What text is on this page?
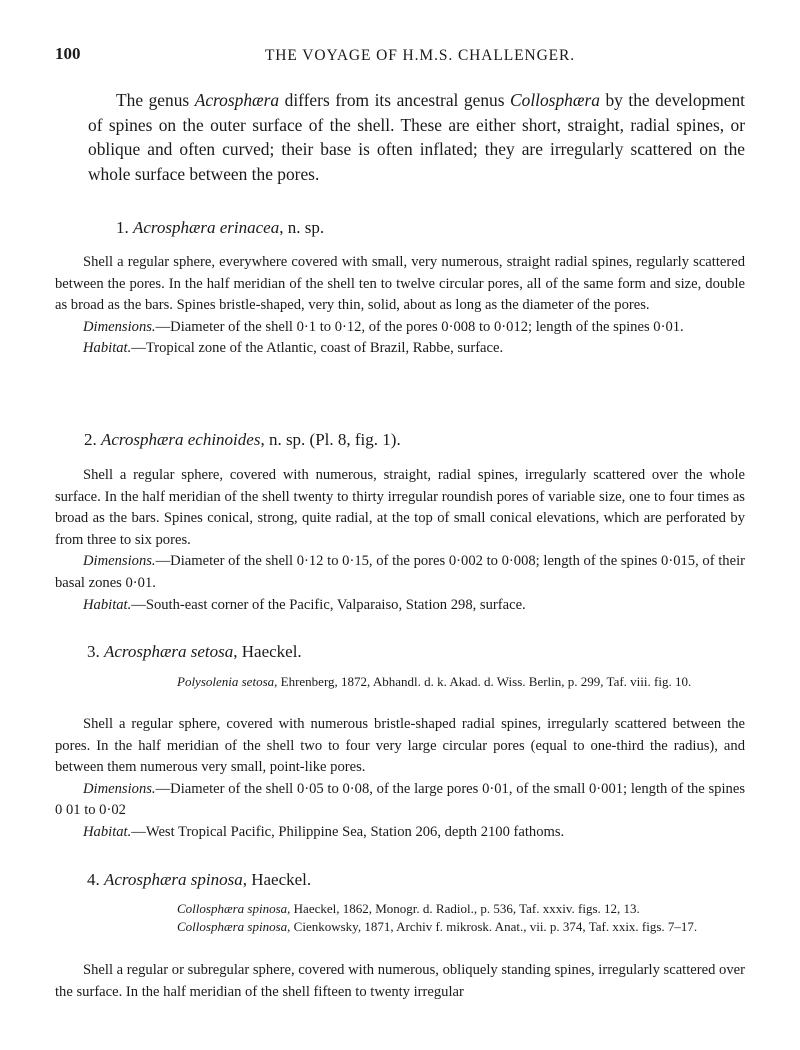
100	THE VOYAGE OF H.M.S. CHALLENGER.

The genus Acrosphæra differs from its ancestral genus Collosphæra by the development of spines on the outer surface of the shell. These are either short, straight, radial spines, or oblique and often curved; their base is often inflated; they are irregularly scattered on the whole surface between the pores.

1. Acrosphæra erinacea, n. sp.

Shell a regular sphere, everywhere covered with small, very numerous, straight radial spines, regularly scattered between the pores. In the half meridian of the shell ten to twelve circular pores, all of the same form and size, double as broad as the bars. Spines bristle-shaped, very thin, solid, about as long as the diameter of the pores.

Dimensions.—Diameter of the shell 0·1 to 0·12, of the pores 0·008 to 0·012; length of the spines 0·01.

Habitat.—Tropical zone of the Atlantic, coast of Brazil, Rabbe, surface.

2. Acrosphæra echinoides, n. sp. (Pl. 8, fig. 1).

Shell a regular sphere, covered with numerous, straight, radial spines, irregularly scattered over the whole surface. In the half meridian of the shell twenty to thirty irregular roundish pores of variable size, one to four times as broad as the bars. Spines conical, strong, quite radial, at the top of small conical elevations, which are perforated by from three to six pores.

Dimensions.—Diameter of the shell 0·12 to 0·15, of the pores 0·002 to 0·008; length of the spines 0·015, of their basal zones 0·01.

Habitat.—South-east corner of the Pacific, Valparaiso, Station 298, surface.

3. Acrosphæra setosa, Haeckel.

Polysolenia setosa, Ehrenberg, 1872, Abhandl. d. k. Akad. d. Wiss. Berlin, p. 299, Taf. viii. fig. 10.

Shell a regular sphere, covered with numerous bristle-shaped radial spines, irregularly scattered between the pores. In the half meridian of the shell two to four very large circular pores (equal to one-third the radius), and between them numerous very small, point-like pores.

Dimensions.—Diameter of the shell 0·05 to 0·08, of the large pores 0·01, of the small 0·001; length of the spines 0 01 to 0·02

Habitat.—West Tropical Pacific, Philippine Sea, Station 206, depth 2100 fathoms.

4. Acrosphæra spinosa, Haeckel.

Collosphæra spinosa, Haeckel, 1862, Monogr. d. Radiol., p. 536, Taf. xxxiv. figs. 12, 13.

Collosphæra spinosa, Cienkowsky, 1871, Archiv f. mikrosk. Anat., vii. p. 374, Taf. xxix. figs. 7–17.

Shell a regular or subregular sphere, covered with numerous, obliquely standing spines, irregularly scattered over the surface. In the half meridian of the shell fifteen to twenty irregular
